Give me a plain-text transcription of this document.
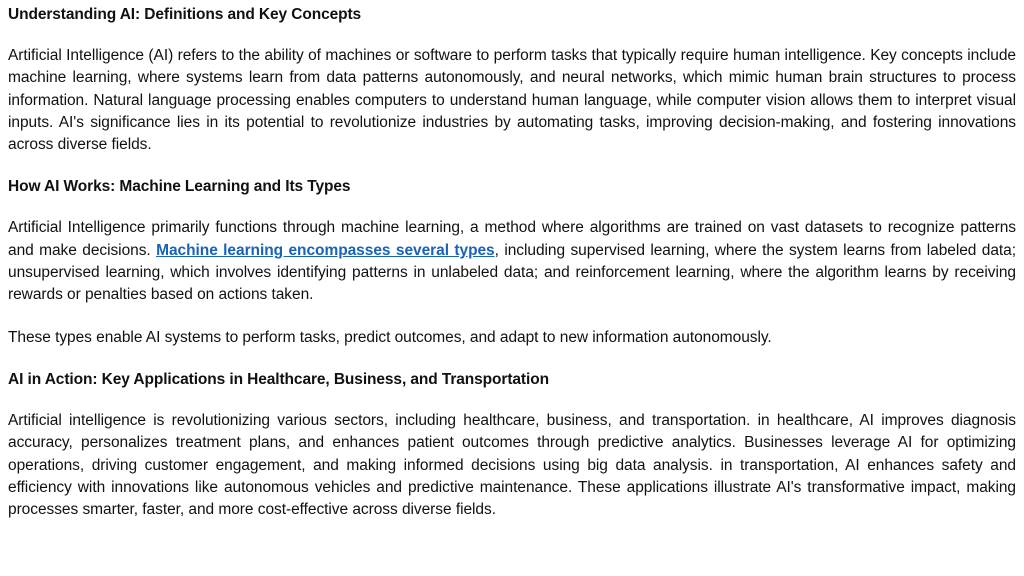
Understanding AI: Definitions and Key Concepts

Artificial Intelligence (AI) refers to the ability of machines or software to perform tasks that typically require human intelligence. Key concepts include machine learning, where systems learn from data patterns autonomously, and neural networks, which mimic human brain structures to process information. Natural language processing enables computers to understand human language, while computer vision allows them to interpret visual inputs. AI's significance lies in its potential to revolutionize industries by automating tasks, improving decision-making, and fostering innovations across diverse fields.

How AI Works: Machine Learning and Its Types

Artificial Intelligence primarily functions through machine learning, a method where algorithms are trained on vast datasets to recognize patterns and make decisions. Machine learning encompasses several types, including supervised learning, where the system learns from labeled data; unsupervised learning, which involves identifying patterns in unlabeled data; and reinforcement learning, where the algorithm learns by receiving rewards or penalties based on actions taken.

These types enable AI systems to perform tasks, predict outcomes, and adapt to new information autonomously.

AI in Action: Key Applications in Healthcare, Business, and Transportation

Artificial intelligence is revolutionizing various sectors, including healthcare, business, and transportation. in healthcare, AI improves diagnosis accuracy, personalizes treatment plans, and enhances patient outcomes through predictive analytics. Businesses leverage AI for optimizing operations, driving customer engagement, and making informed decisions using big data analysis. in transportation, AI enhances safety and efficiency with innovations like autonomous vehicles and predictive maintenance. These applications illustrate AI's transformative impact, making processes smarter, faster, and more cost-effective across diverse fields.
